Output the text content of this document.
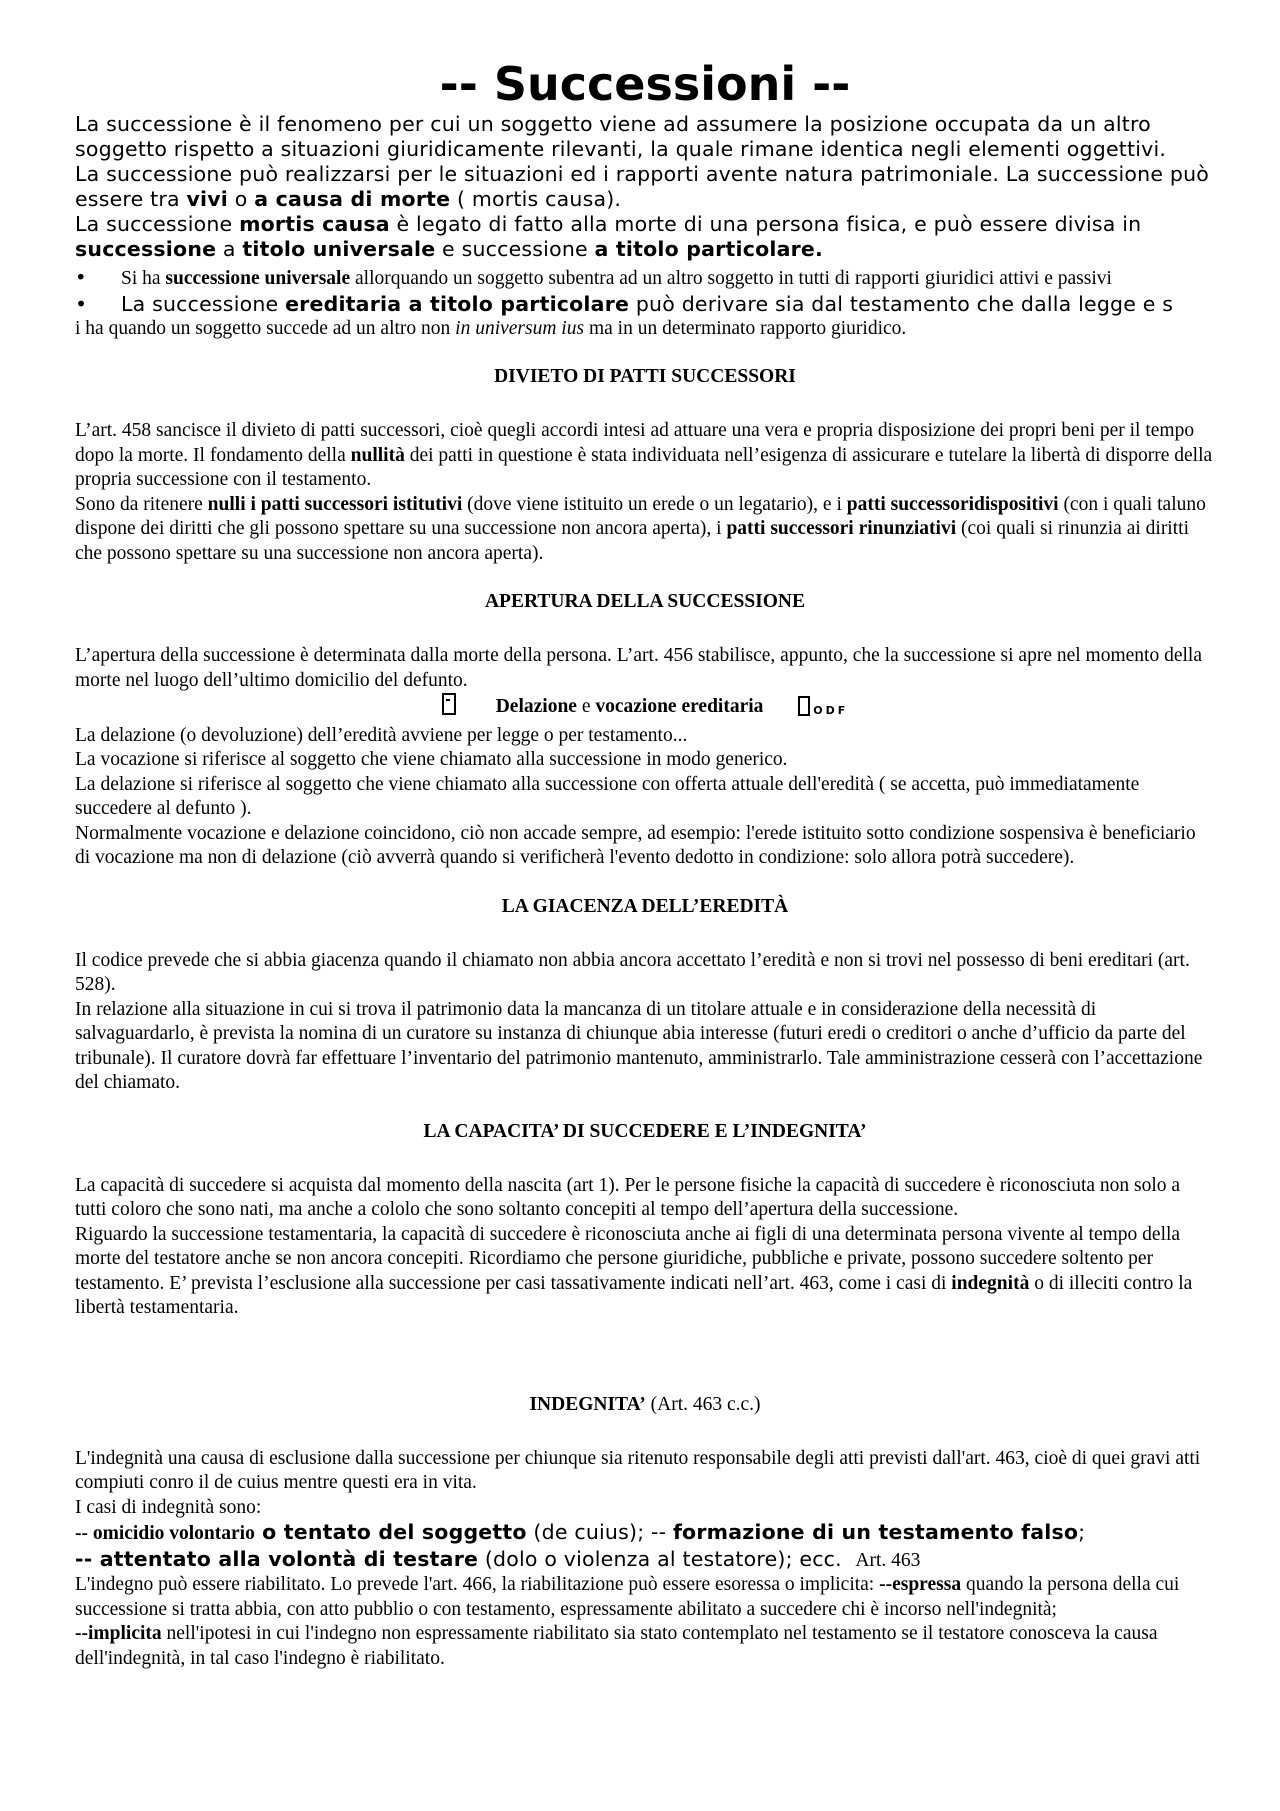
-- Successioni --

La successione è il fenomeno per cui un soggetto viene ad assumere la posizione occupata da un altro soggetto rispetto a situazioni giuridicamente rilevanti, la quale rimane identica negli elementi oggettivi.

La successione può realizzarsi per le situazioni ed i rapporti avente natura patrimoniale. La successione può essere tra vivi o a causa di morte ( mortis causa).

La successione mortis causa è legato di fatto alla morte di una persona fisica, e può essere divisa in successione a titolo universale e successione a titolo particolare.

•	Si ha successione universale allorquando un soggetto subentra ad un altro soggetto in tutti di rapporti giuridici attivi e passivi
•	La successione ereditaria a titolo particolare può derivare sia dal testamento che dalla legge e s

i ha quando un soggetto succede ad un altro non in universum ius ma in un determinato rapporto giuridico.

DIVIETO DI PATTI SUCCESSORI

L’art. 458 sancisce il divieto di patti successori, cioè quegli accordi intesi ad attuare una vera e propria disposizione dei propri beni per il tempo dopo la morte. Il fondamento della nullità dei patti in questione è stata individuata nell’esigenza di assicurare e tutelare la libertà di disporre della propria successione con il testamento.

Sono da ritenere nulli i patti successori istitutivi (dove viene istituito un erede o un legatario), e i patti successoridispositivi (con i quali taluno dispone dei diritti che gli possono spettare su una successione non ancora aperta), i patti successori rinunziativi (coi quali si rinunzia ai diritti che possono spettare su una successione non ancora aperta).

APERTURA DELLA SUCCESSIONE

L’apertura della successione è determinata dalla morte della persona. L’art. 456 stabilisce, appunto, che la successione si apre nel momento della morte nel luogo dell’ultimo domicilio del defunto.

Delazione e vocazione ereditaria	ODF

La delazione (o devoluzione) dell’eredità avviene per legge o per testamento...

La vocazione si riferisce al soggetto che viene chiamato alla successione in modo generico.

La delazione si riferisce al soggetto che viene chiamato alla successione con offerta attuale dell'eredità ( se accetta, può immediatamente succedere al defunto ).

Normalmente vocazione e delazione coincidono, ciò non accade sempre, ad esempio: l'erede istituito sotto condizione sospensiva è beneficiario di vocazione ma non di delazione (ciò avverrà quando si verificherà l'evento dedotto in condizione: solo allora potrà succedere).

LA GIACENZA DELL’EREDITÀ

Il codice prevede che si abbia giacenza quando il chiamato non abbia ancora accettato l’eredità e non si trovi nel possesso di beni ereditari (art. 528).

In relazione alla situazione in cui si trova il patrimonio data la mancanza di un titolare attuale e in considerazione della necessità di salvaguardarlo, è prevista la nomina di un curatore su instanza di chiunque abia interesse (futuri eredi o creditori o anche d’ufficio da parte del tribunale). Il curatore dovrà far effettuare l’inventario del patrimonio mantenuto, amministrarlo. Tale amministrazione cesserà con l’accettazione del chiamato.

LA CAPACITA’ DI SUCCEDERE E L’INDEGNITA’

La capacità di succedere si acquista dal momento della nascita (art 1). Per le persone fisiche la capacità di succedere è riconosciuta non solo a tutti coloro che sono nati, ma anche a cololo che sono soltanto concepiti al tempo dell’apertura della successione.

Riguardo la successione testamentaria, la capacità di succedere è riconosciuta anche ai figli di una determinata persona vivente al tempo della morte del testatore anche se non ancora concepiti. Ricordiamo che persone giuridiche, pubbliche e private, possono succedere soltento per testamento. E’ prevista l’esclusione alla successione per casi tassativamente indicati nell’art. 463, come i casi di indegnità o di illeciti contro la libertà testamentaria.

INDEGNITA’ (Art. 463 c.c.)

L'indegnità una causa di esclusione dalla successione per chiunque sia ritenuto responsabile degli atti previsti dall'art. 463, cioè di quei gravi atti compiuti conro il de cuius mentre questi era in vita.

I casi di indegnità sono:

-- omicidio volontario o tentato del soggetto (de cuius); -- formazione di un testamento falso;

-- attentato alla volontà di testare (dolo o violenza al testatore); ecc.   Art. 463

L'indegno può essere riabilitato. Lo prevede l'art. 466, la riabilitazione può essere esoressa o implicita: --espressa quando la persona della cui successione si tratta abbia, con atto pubblio o con testamento, espressamente abilitato a succedere chi è incorso nell'indegnità;

--implicita nell'ipotesi in cui l'indegno non espressamente riabilitato sia stato contemplato nel testamento se il testatore conosceva la causa dell'indegnità, in tal caso l'indegno è riabilitato.
